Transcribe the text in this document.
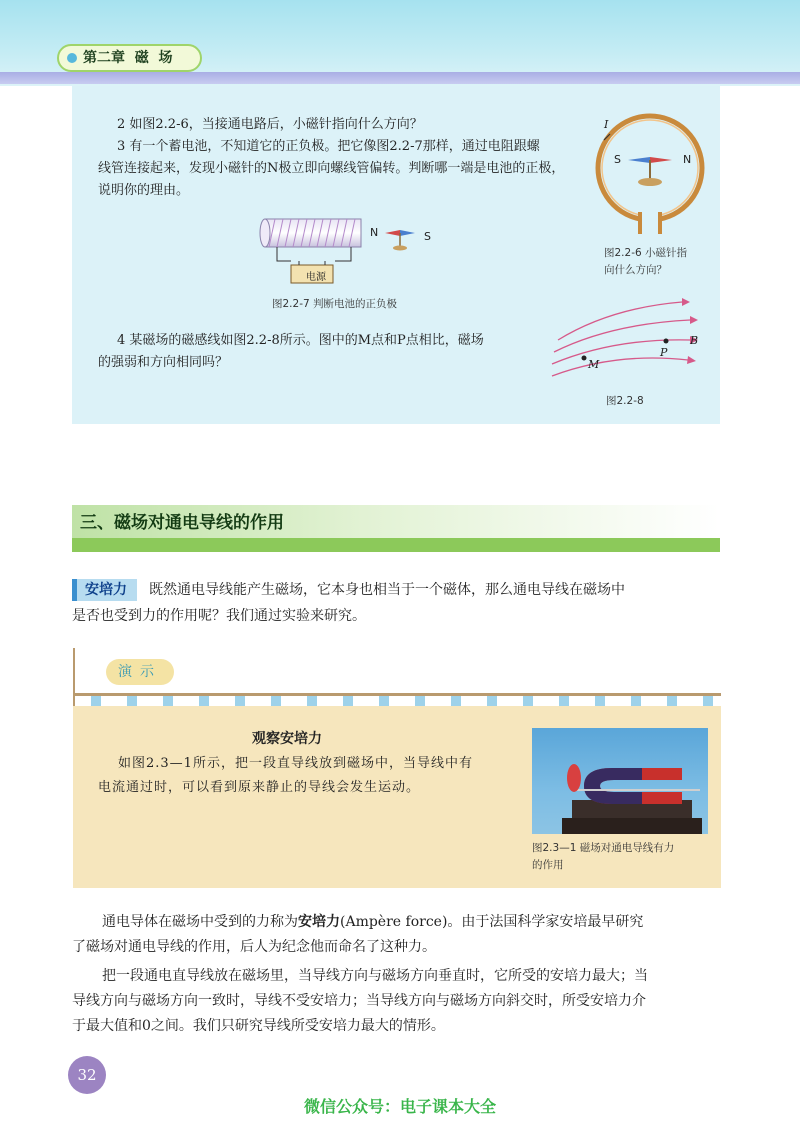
第二章  磁  场
2 如图2.2-6，当接通电路后，小磁针指向什么方向？
3 有一个蓄电池，不知道它的正负极。把它像图2.2-7那样，通过电阻跟螺
线管连接起来，发现小磁针的N极立即向螺线管偏转。判断哪一端是电池的正极，
说明你的理由。
I
S	N
图2.2-6 小磁针指
向什么方向？
N	S
电源
图2.2-7 判断电池的正负极
4 某磁场的磁感线如图2.2-8所示。图中的M点和P点相比，磁场
的强弱和方向相同吗？
B
P
M
图2.2-8
三、磁场对通电导线的作用
安培力 既然通电导线能产生磁场，它本身也相当于一个磁体，那么通电导线在磁场中
是否也受到力的作用呢？我们通过实验来研究。
演示
观察安培力
如图2.3—1所示，把一段直导线放到磁场中，当导线中有
电流通过时，可以看到原来静止的导线会发生运动。
图2.3—1 磁场对通电导线有力
的作用
通电导体在磁场中受到的力称为安培力(Ampère force)。由于法国科学家安培最早研究
了磁场对通电导线的作用，后人为纪念他而命名了这种力。
把一段通电直导线放在磁场里，当导线方向与磁场方向垂直时，它所受的安培力最大；当
导线方向与磁场方向一致时，导线不受安培力；当导线方向与磁场方向斜交时，所受安培力介
于最大值和0之间。我们只研究导线所受安培力最大的情形。
32
微信公众号：电子课本大全
